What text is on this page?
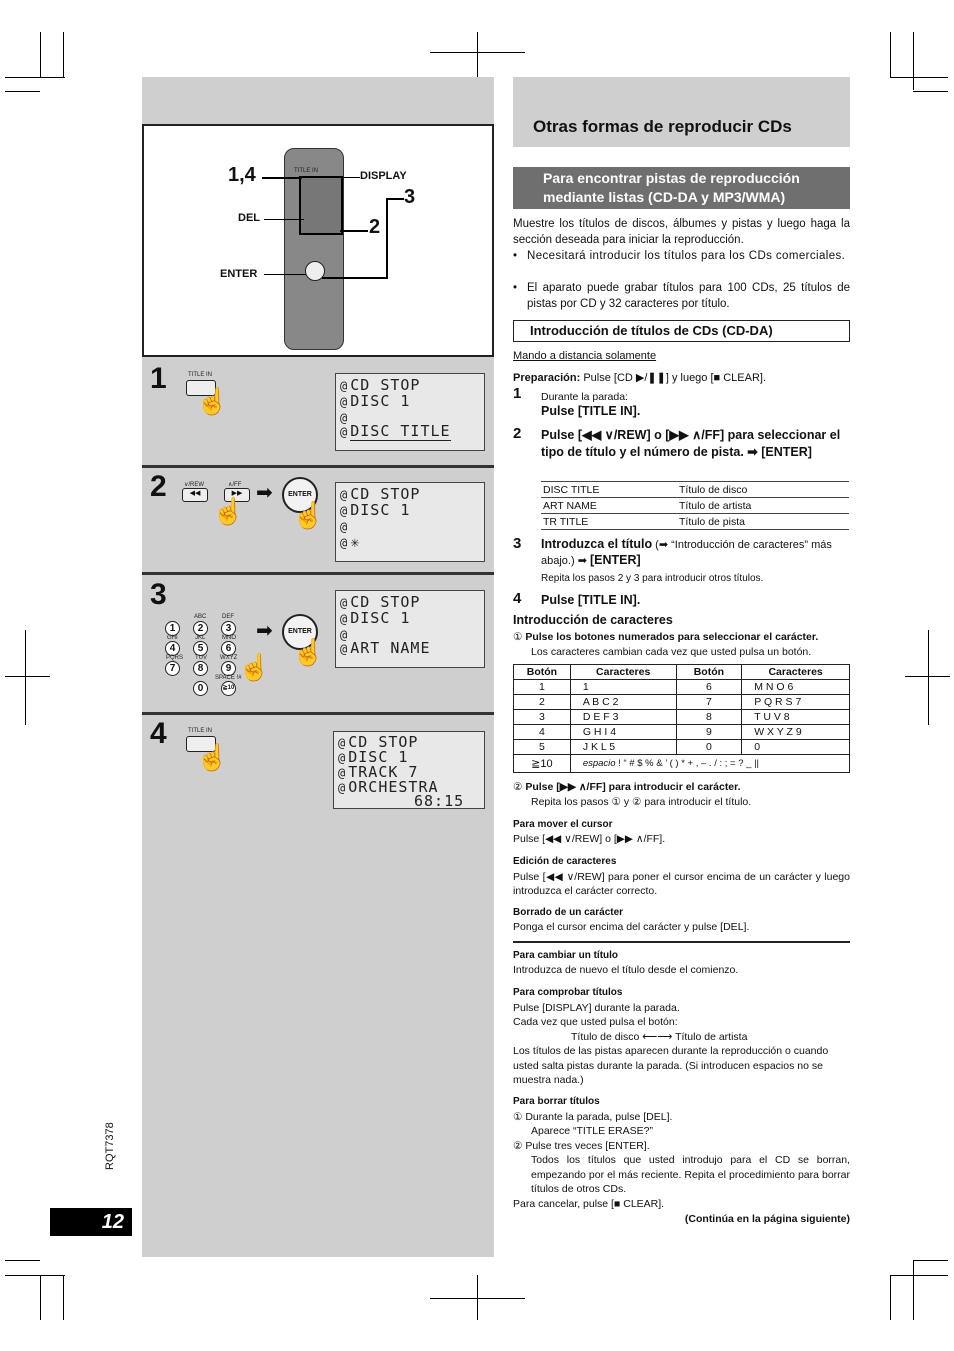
TITLE IN
1,4	DISPLAY
3
DEL	2
ENTER
1	TITLE IN
☝	@ CD STOP
@ DISC 1
@
@ DISC TITLE
2	∨/REW
◀◀
∧/FF
▶▶
☝
➡	ENTER
☝
@ CD STOP
@ DISC 1
@
@ ✳
3
ABC	DEF
1	2	3
GHI	JKL	MNO
4	5	6
PQRS TUV WXYZ
7	8	9
SPACE !#
0	≧10
☝
➡	ENTER
☝
@ CD STOP
@ DISC 1
@
@ ART NAME
4	TITLE IN
☝	@ CD STOP
@ DISC 1
@ TRACK 7
@ ORCHESTRA
68:15
RQT7378
12
Otras formas de reproducir CDs
Para encontrar pistas de reproducción mediante listas (CD-DA y MP3/WMA)
Muestre los títulos de discos, álbumes y pistas y luego haga la sección deseada para iniciar la reproducción.
• Necesitará introducir los títulos para los CDs comerciales.
• El aparato puede grabar títulos para 100 CDs, 25 títulos de pistas por CD y 32 caracteres por título.
Introducción de títulos de CDs (CD-DA)
Mando a distancia solamente
Preparación: Pulse [CD ▶/❚❚] y luego [■ CLEAR].
1 Durante la parada:
Pulse [TITLE IN].
2 Pulse [◀◀ ∨/REW] o [▶▶ ∧/FF] para seleccionar el tipo de título y el número de pista. ➡ [ENTER]
DISC TITLE	Título de disco
ART NAME	Título de artista
TR TITLE	Título de pista
3 Introduzca el título (➡ “Introducción de caracteres” más abajo.) ➡ [ENTER]
Repita los pasos 2 y 3 para introducir otros títulos.
4 Pulse [TITLE IN].
Introducción de caracteres
① Pulse los botones numerados para seleccionar el carácter.
Los caracteres cambian cada vez que usted pulsa un botón.
Botón	Caracteres	Botón	Caracteres
1	1	6	M N O 6
2	A B C 2	7	P Q R S 7
3	D E F 3	8	T U V 8
4	G H I 4	9	W X Y Z 9
5	J K L 5	0	0
≧10	espacio ! “ # $ % & ’ ( ) * + , – . / : ; = ? _ ||		
② Pulse [▶▶ ∧/FF] para introducir el carácter.
Repita los pasos ① y ② para introducir el título.
Para mover el cursor
Pulse [◀◀ ∨/REW] o [▶▶ ∧/FF].
Edición de caracteres
Pulse [◀◀ ∨/REW] para poner el cursor encima de un carácter y luego introduzca el carácter correcto.
Borrado de un carácter
Ponga el cursor encima del carácter y pulse [DEL].
Para cambiar un título
Introduzca de nuevo el título desde el comienzo.
Para comprobar títulos
Pulse [DISPLAY] durante la parada.
Cada vez que usted pulsa el botón:
Título de disco ⟵⟶ Título de artista
Los títulos de las pistas aparecen durante la reproducción o cuando usted salta pistas durante la parada. (Si introducen espacios no se muestra nada.)
Para borrar títulos
① Durante la parada, pulse [DEL].
Aparece “TITLE ERASE?”
② Pulse tres veces [ENTER].
Todos los títulos que usted introdujo para el CD se borran, empezando por el más reciente. Repita el procedimiento para borrar títulos de otros CDs.
Para cancelar, pulse [■ CLEAR].
(Continúa en la página siguiente)
